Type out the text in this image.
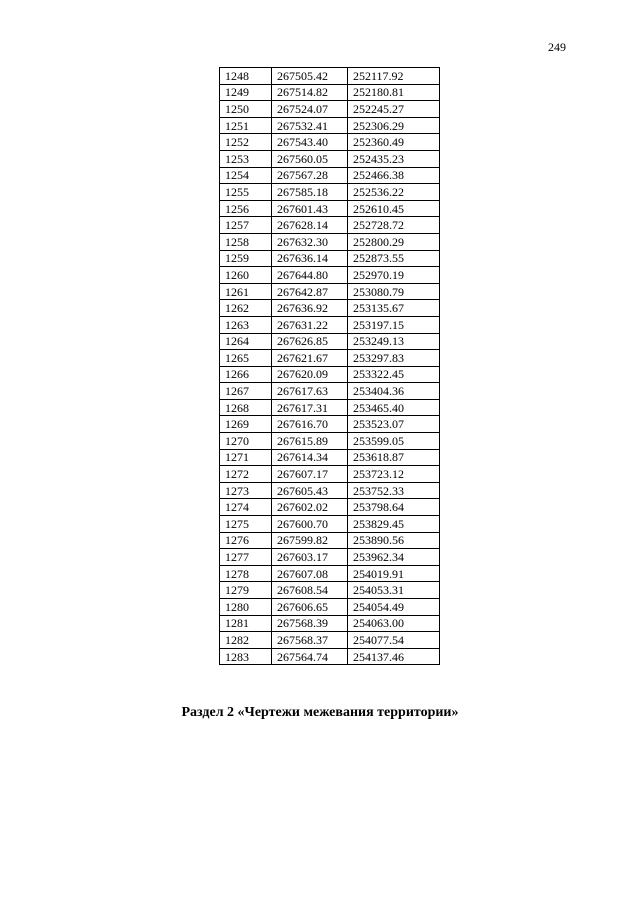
249
1248	267505.42	252117.92
1249	267514.82	252180.81
1250	267524.07	252245.27
1251	267532.41	252306.29
1252	267543.40	252360.49
1253	267560.05	252435.23
1254	267567.28	252466.38
1255	267585.18	252536.22
1256	267601.43	252610.45
1257	267628.14	252728.72
1258	267632.30	252800.29
1259	267636.14	252873.55
1260	267644.80	252970.19
1261	267642.87	253080.79
1262	267636.92	253135.67
1263	267631.22	253197.15
1264	267626.85	253249.13
1265	267621.67	253297.83
1266	267620.09	253322.45
1267	267617.63	253404.36
1268	267617.31	253465.40
1269	267616.70	253523.07
1270	267615.89	253599.05
1271	267614.34	253618.87
1272	267607.17	253723.12
1273	267605.43	253752.33
1274	267602.02	253798.64
1275	267600.70	253829.45
1276	267599.82	253890.56
1277	267603.17	253962.34
1278	267607.08	254019.91
1279	267608.54	254053.31
1280	267606.65	254054.49
1281	267568.39	254063.00
1282	267568.37	254077.54
1283	267564.74	254137.46
Раздел 2 «Чертежи межевания территории»
